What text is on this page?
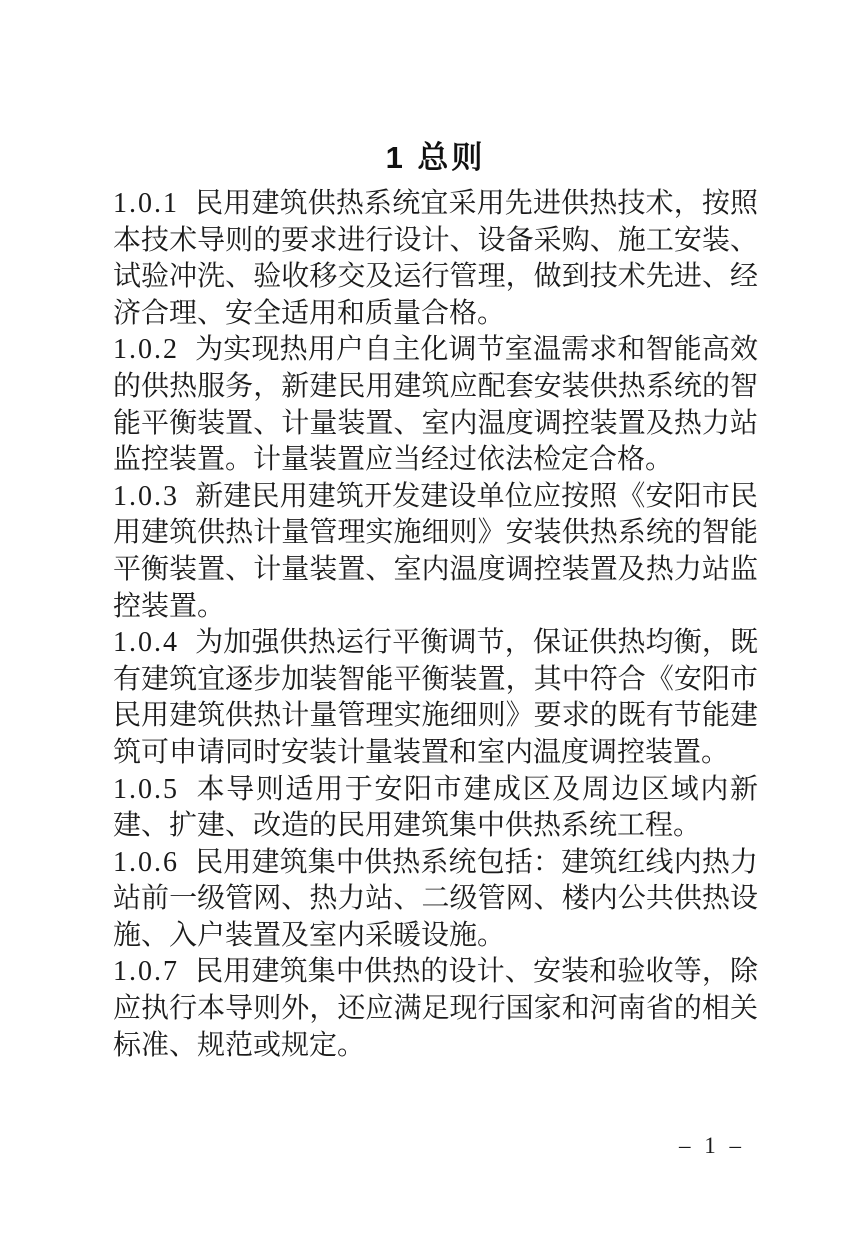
1 总则

1.0.1 民用建筑供热系统宜采用先进供热技术，按照本技术导则的要求进行设计、设备采购、施工安装、试验冲洗、验收移交及运行管理，做到技术先进、经济合理、安全适用和质量合格。

1.0.2 为实现热用户自主化调节室温需求和智能高效的供热服务，新建民用建筑应配套安装供热系统的智能平衡装置、计量装置、室内温度调控装置及热力站监控装置。计量装置应当经过依法检定合格。

1.0.3 新建民用建筑开发建设单位应按照《安阳市民用建筑供热计量管理实施细则》安装供热系统的智能平衡装置、计量装置、室内温度调控装置及热力站监控装置。

1.0.4 为加强供热运行平衡调节，保证供热均衡，既有建筑宜逐步加装智能平衡装置，其中符合《安阳市民用建筑供热计量管理实施细则》要求的既有节能建筑可申请同时安装计量装置和室内温度调控装置。

1.0.5 本导则适用于安阳市建成区及周边区域内新建、扩建、改造的民用建筑集中供热系统工程。

1.0.6 民用建筑集中供热系统包括：建筑红线内热力站前一级管网、热力站、二级管网、楼内公共供热设施、入户装置及室内采暖设施。

1.0.7 民用建筑集中供热的设计、安装和验收等，除应执行本导则外，还应满足现行国家和河南省的相关标准、规范或规定。

– 1 –
